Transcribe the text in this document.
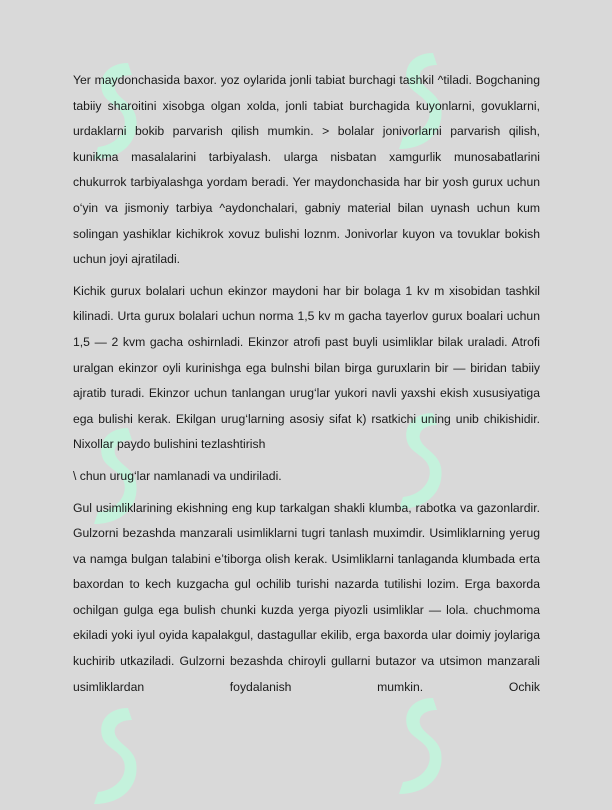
Yer maydonchasida baxor. yoz oylarida jonli tabiat burchagi tashkil ^tiladi. Bogchaning tabiiy sharoitini xisobga olgan xolda, jonli tabiat burchagida kuyonlarni, govuklarni, urdaklarni bokib parvarish qilish mumkin. > bolalar jonivorlarni parvarish qilish, kunikma masalalarini tarbiyalash. ularga nisbatan xamgurlik munosabatlarini chukurrok tarbiyalashga yordam beradi. Yer maydonchasida har bir yosh gurux uchun o‘yin va jismoniy tarbiya ^aydonchalari, gabniy material bilan uynash uchun kum solingan yashiklar kichikrok xovuz bulishi loznm. Jonivorlar kuyon va tovuklar bokish uchun joyi ajratiladi.

Kichik gurux bolalari uchun ekinzor maydoni har bir bolaga 1 kv m xisobidan tashkil kilinadi. Urta gurux bolalari uchun norma 1,5 kv m gacha tayerlov gurux boalari uchun 1,5 — 2 kvm gacha oshirnladi. Ekinzor atrofi past buyli usimliklar bilak uraladi. Atrofi uralgan ekinzor oyli kurinishga ega bulnshi bilan birga guruxlarin bir — biridan tabiiy ajratib turadi. Ekinzor uchun tanlangan urug‘lar yukori navli yaxshi ekish xususiyatiga ega bulishi kerak. Ekilgan urug‘larning asosiy sifat k) rsatkichi uning unib chikishidir. Nixollar paydo bulishini tezlashtirish

\ chun urug‘lar namlanadi va undiriladi.

Gul usimliklarining ekishning eng kup tarkalgan shakli klumba, rabotka va gazonlardir. Gulzorni bezashda manzarali usimliklarni tugri tanlash muximdir. Usimliklarning yerug va namga bulgan talabini e’tiborga olish kerak. Usimliklarni tanlaganda klumbada erta baxordan to kech kuzgacha gul ochilib turishi nazarda tutilishi lozim. Erga baxorda ochilgan gulga ega bulish chunki kuzda yerga piyozli usimliklar — lola. chuchmoma ekiladi yoki iyul oyida kapalakgul, dastagullar ekilib, erga baxorda ular doimiy joylariga kuchirib utkaziladi. Gulzorni bezashda chiroyli gullarni butazor va utsimon manzarali usimliklardan foydalanish mumkin. Ochik
